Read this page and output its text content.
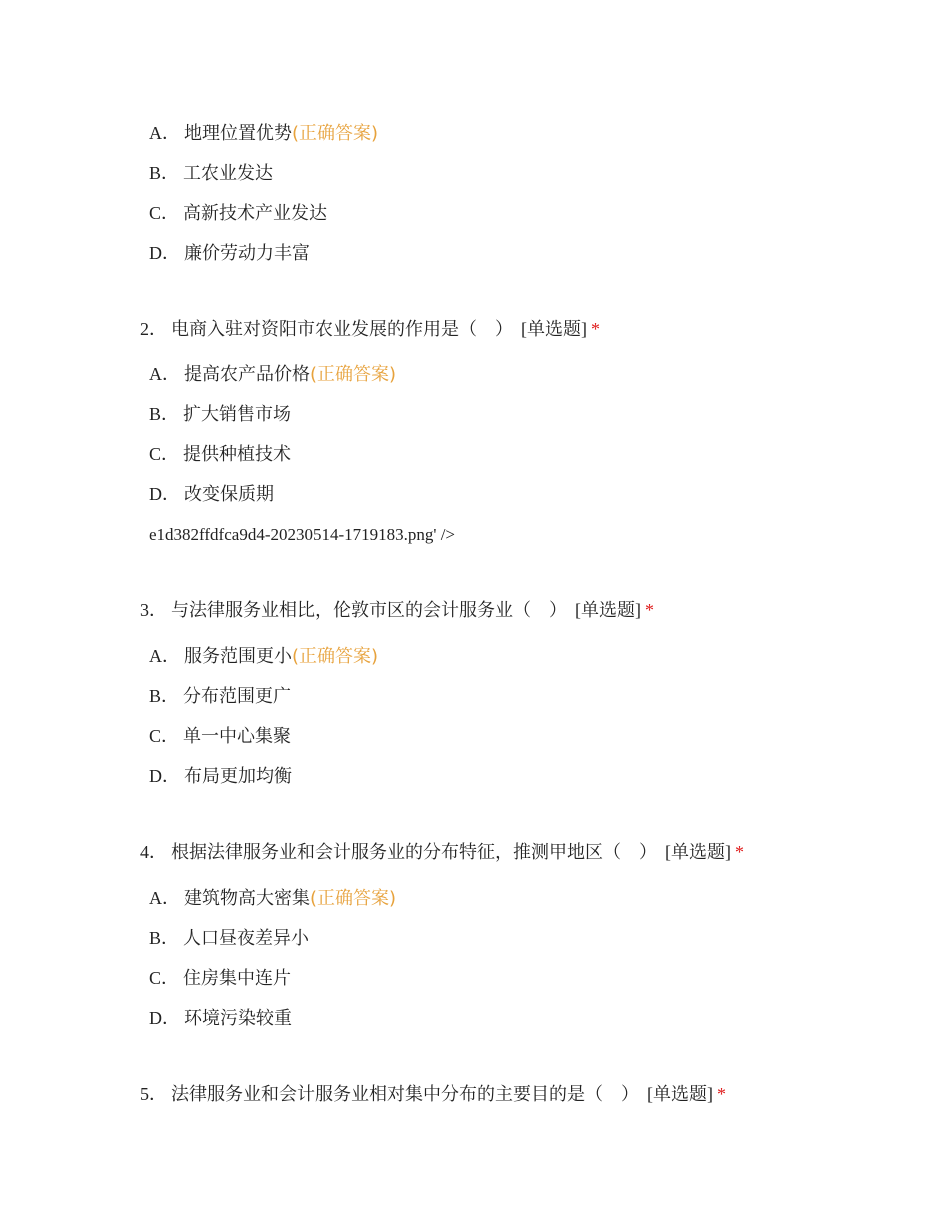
A． 地理位置优势(正确答案)
B． 工农业发达
C． 高新技术产业发达
D． 廉价劳动力丰富
2． 电商入驻对资阳市农业发展的作用是（　） [单选题] *
A． 提高农产品价格(正确答案)
B． 扩大销售市场
C． 提供种植技术
D． 改变保质期
e1d382ffdfca9d4-20230514-1719183.png' />
3． 与法律服务业相比，伦敦市区的会计服务业（　） [单选题] *
A． 服务范围更小(正确答案)
B． 分布范围更广
C． 单一中心集聚
D． 布局更加均衡
4． 根据法律服务业和会计服务业的分布特征，推测甲地区（　） [单选题] *
A． 建筑物高大密集(正确答案)
B． 人口昼夜差异小
C． 住房集中连片
D． 环境污染较重
5． 法律服务业和会计服务业相对集中分布的主要目的是（　） [单选题] *
